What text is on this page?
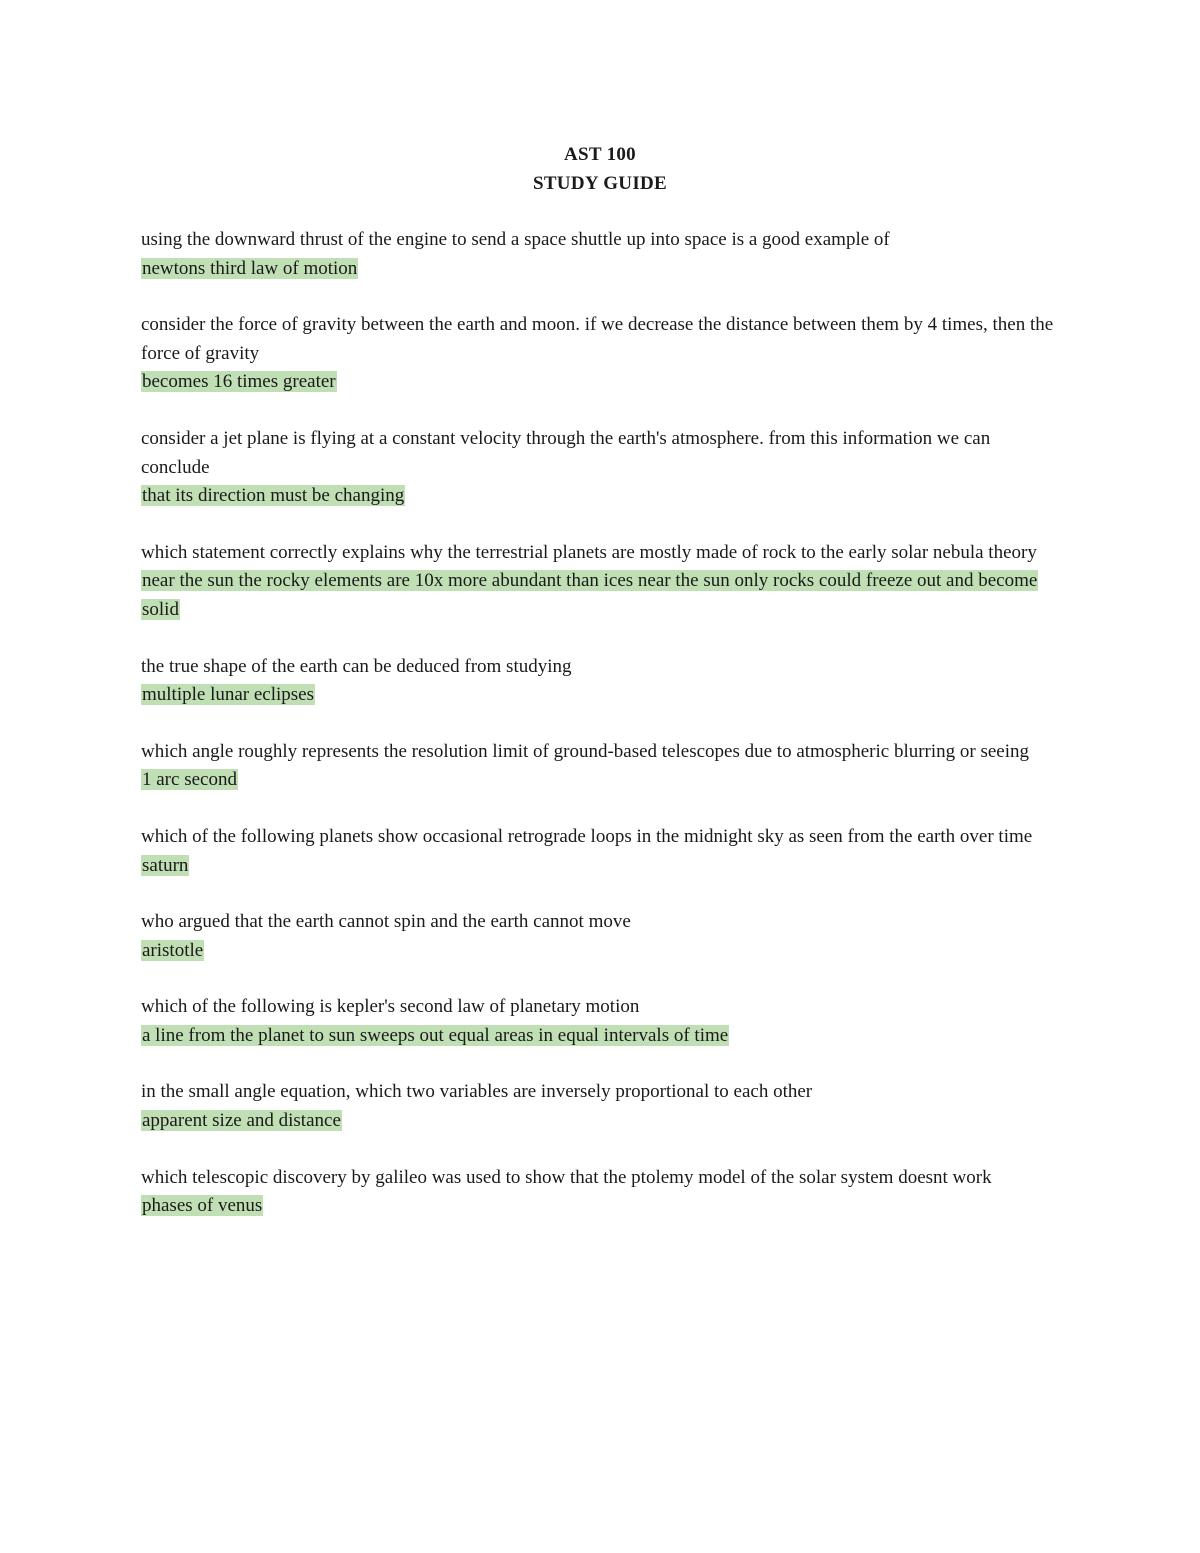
AST 100
STUDY GUIDE
using the downward thrust of the engine to send a space shuttle up into space is a good example of
newtons third law of motion
consider the force of gravity between the earth and moon. if we decrease the distance between them by 4 times, then the force of gravity
becomes 16 times greater
consider a jet plane is flying at a constant velocity through the earth's atmosphere. from this information we can conclude
that its direction must be changing
which statement correctly explains why the terrestrial planets are mostly made of rock to the early solar nebula theory
near the sun the rocky elements are 10x more abundant than ices near the sun only rocks could freeze out and become solid
the true shape of the earth can be deduced from studying
multiple lunar eclipses
which angle roughly represents the resolution limit of ground-based telescopes due to atmospheric blurring or seeing
1 arc second
which of the following planets show occasional retrograde loops in the midnight sky as seen from the earth over time
saturn
who argued that the earth cannot spin and the earth cannot move
aristotle
which of the following is kepler's second law of planetary motion
a line from the planet to sun sweeps out equal areas in equal intervals of time
in the small angle equation, which two variables are inversely proportional to each other
apparent size and distance
which telescopic discovery by galileo was used to show that the ptolemy model of the solar system doesnt work
phases of venus
